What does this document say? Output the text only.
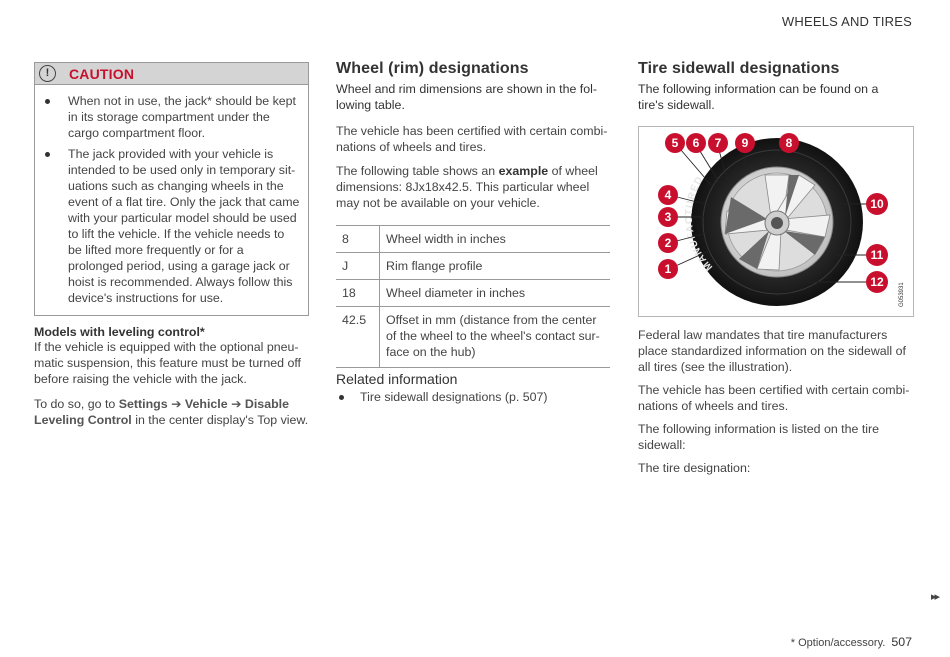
WHEELS AND TIRES
!	CAUTION
When not in use, the jack* should be kept in its storage compartment under the cargo compartment floor.
The jack provided with your vehicle is intended to be used only in temporary sit-uations such as changing wheels in the event of a flat tire. Only the jack that came with your particular model should be used to lift the vehicle. If the vehicle needs to be lifted more frequently or for a prolonged period, using a garage jack or hoist is recommended. Always follow this device's instructions for use.
Models with leveling control*

If the vehicle is equipped with the optional pneu-matic suspension, this feature must be turned off before raising the vehicle with the jack.

To do so, go to Settings ➔ Vehicle ➔ Disable Leveling Control in the center display's Top view.

Wheel (rim) designations

Wheel and rim dimensions are shown in the fol-lowing table.

The vehicle has been certified with certain combi-nations of wheels and tires.

The following table shows an example of wheel dimensions: 8Jx18x42.5. This particular wheel may not be available on your vehicle.

8	Wheel width in inches
J	Rim flange profile
18	Wheel diameter in inches
42.5	Offset in mm (distance from the center of the wheel to the wheel's contact sur-face on the hub)
Related information
Tire sidewall designations (p. 507)
Tire sidewall designations

The following information can be found on a tire's sidewall.

MANUFACTURED
5 6 7 9	8
4
3
2
1
10
11
12
G053931

Federal law mandates that tire manufacturers place standardized information on the sidewall of all tires (see the illustration).

The vehicle has been certified with certain combi-nations of wheels and tires.

The following information is listed on the tire sidewall:

The tire designation:

▸▸
* Option/accessory. 507
